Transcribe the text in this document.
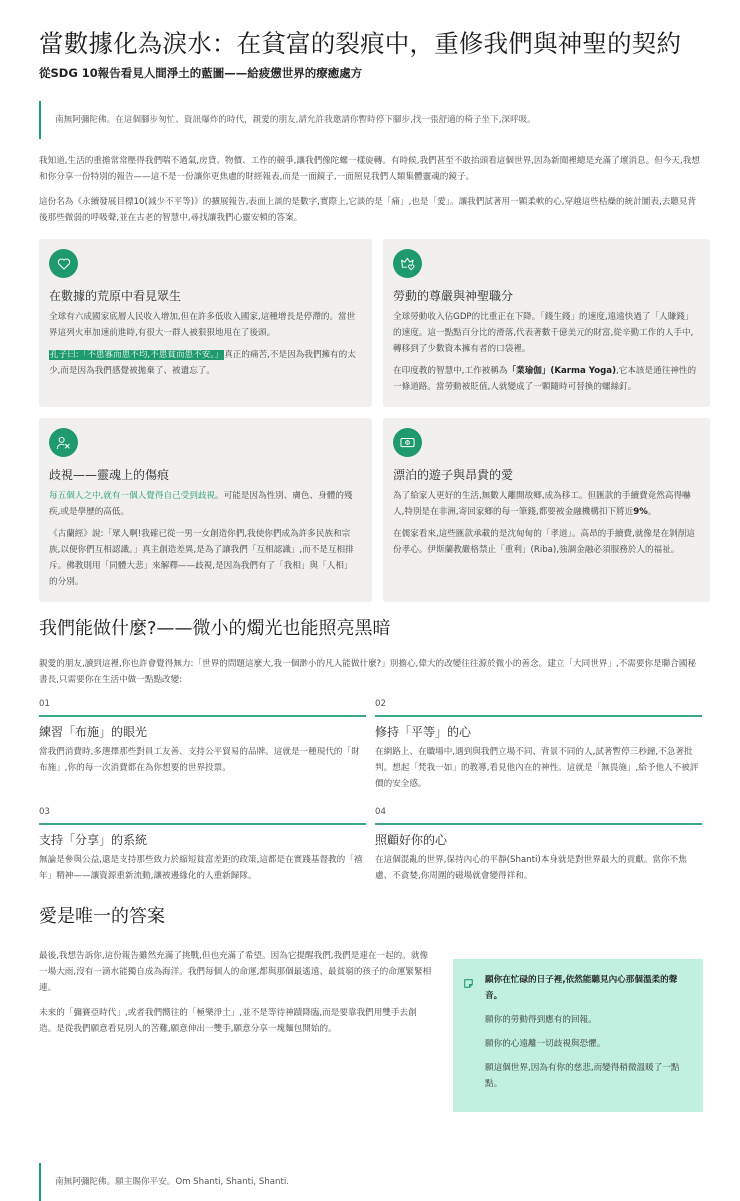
當數據化為淚水：在貧富的裂痕中，重修我們與神聖的契約
從SDG 10報告看見人間淨土的藍圖——給疲憊世界的療癒處方
南無阿彌陀佛。在這個腳步匆忙、資訊爆炸的時代，親愛的朋友,請允許我邀請你暫時停下腳步,找一張舒適的椅子坐下,深呼吸。

我知道,生活的重擔常常壓得我們喘不過氣,房貸、物價、工作的競爭,讓我們像陀螺一樣旋轉。有時候,我們甚至不敢抬頭看這個世界,因為新聞裡總是充滿了壞消息。但今天,我想和你分享一份特別的報告——這不是一份讓你更焦慮的財經報表,而是一面鏡子,一面照見我們人類集體靈魂的鏡子。

這份名為《永續發展目標10(減少不平等)》的擴展報告,表面上談的是數字,實際上,它談的是「痛」,也是「愛」。讓我們試著用一顆柔軟的心,穿越這些枯燥的統計圖表,去聽見背後那些微弱的呼吸聲,並在古老的智慧中,尋找讓我們心靈安頓的答案。

在數據的荒原中看見眾生

全球有六成國家底層人民收入增加,但在許多低收入國家,這種增長是停滯的。當世界這列火車加速前進時,有很大一群人被狠狠地甩在了後頭。

孔子曰:「不患寡而患不均,不患貧而患不安。」真正的痛苦,不是因為我們擁有的太少,而是因為我們感覺被拋棄了、被遺忘了。

勞動的尊嚴與神聖職分

全球勞動收入佔GDP的比重正在下降。「錢生錢」的速度,遠遠快過了「人賺錢」的速度。這一點點百分比的滑落,代表著數千億美元的財富,從辛勤工作的人手中,轉移到了少數資本擁有者的口袋裡。

在印度教的智慧中,工作被稱為「業瑜伽」(Karma Yoga),它本該是通往神性的一條道路。當勞動被貶值,人就變成了一顆隨時可替換的螺絲釘。

歧視——靈魂上的傷痕

每五個人之中,就有一個人覺得自己受到歧視。可能是因為性別、膚色、身體的殘疾,或是學歷的高低。

《古蘭經》說:「眾人啊!我確已從一男一女創造你們,我使你們成為許多民族和宗族,以便你們互相認識。」真主創造差異,是為了讓我們「互相認識」,而不是互相排斥。佛教則用「同體大悲」來解釋——歧視,是因為我們有了「我相」與「人相」的分別。

漂泊的遊子與昂貴的愛

為了給家人更好的生活,無數人離開故鄉,成為移工。但匯款的手續費竟然高得嚇人,特別是在非洲,寄回家鄉的每一筆錢,都要被金融機構扣下將近9%。

在儒家看來,這些匯款承載的是沈甸甸的「孝道」。高昂的手續費,就像是在剝削這份孝心。伊斯蘭教嚴格禁止「重利」(Riba),強調金融必須服務於人的福祉。

我們能做什麼?——微小的燭光也能照亮黑暗

親愛的朋友,讀到這裡,你也許會覺得無力:「世界的問題這麼大,我一個渺小的凡人能做什麼?」別擔心,偉大的改變往往源於微小的善念。建立「大同世界」,不需要你是聯合國秘書長,只需要你在生活中做一點點改變:

01
練習「布施」的眼光

當我們消費時,多選擇那些對員工友善、支持公平貿易的品牌。這就是一種現代的「財布施」,你的每一次消費都在為你想要的世界投票。

02
修持「平等」的心

在網路上、在職場中,遇到與我們立場不同、背景不同的人,試著暫停三秒鐘,不急著批判。想起「梵我一如」的教導,看見他內在的神性。這就是「無畏施」,給予他人不被評價的安全感。

03
支持「分享」的系統

無論是參與公益,還是支持那些致力於縮短貧富差距的政策,這都是在實踐基督教的「禧年」精神——讓資源重新流動,讓被邊緣化的人重新歸隊。

04
照顧好你的心

在這個混亂的世界,保持內心的平靜(Shanti)本身就是對世界最大的貢獻。當你不焦慮、不貪婪,你周圍的磁場就會變得祥和。

愛是唯一的答案

最後,我想告訴你,這份報告雖然充滿了挑戰,但也充滿了希望。因為它提醒我們,我們是連在一起的。就像一場大雨,沒有一滴水能獨自成為海洋。我們每個人的命運,都與那個最遙遠、最貧窮的孩子的命運緊緊相連。

未來的「彌賽亞時代」,或者我們嚮往的「極樂淨土」,並不是等待神蹟降臨,而是要靠我們用雙手去創造。是從我們願意看見別人的苦難,願意伸出一雙手,願意分享一塊麵包開始的。

願你在忙碌的日子裡,依然能聽見內心那個溫柔的聲音。

願你的勞動得到應有的回報。

願你的心遠離一切歧視與恐懼。

願這個世界,因為有你的慈悲,而變得稍微溫暖了一點點。

南無阿彌陀佛。願主賜你平安。Om Shanti, Shanti, Shanti.
